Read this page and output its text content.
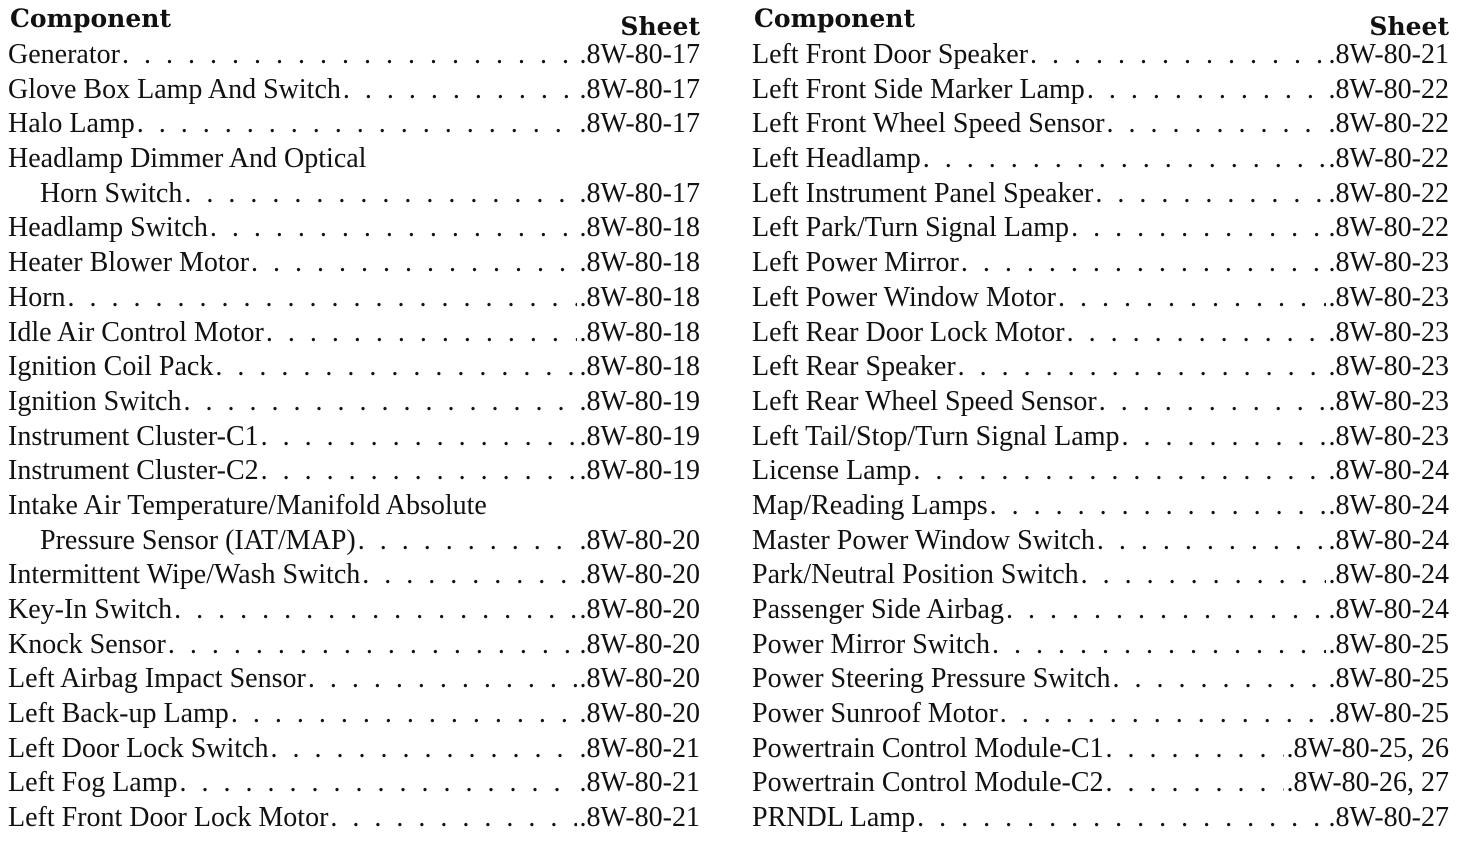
Component	Sheet
Generator . . .	.8W-80-17
Glove Box Lamp And Switch . . .	.8W-80-17
Halo Lamp . . .	.8W-80-17
Headlamp Dimmer And Optical
Horn Switch . . .	.8W-80-17
Headlamp Switch . . .	.8W-80-18
Heater Blower Motor . . .	.8W-80-18
Horn . . .	.8W-80-18
Idle Air Control Motor . . .	.8W-80-18
Ignition Coil Pack . . .	.8W-80-18
Ignition Switch . . .	.8W-80-19
Instrument Cluster-C1 . . .	.8W-80-19
Instrument Cluster-C2 . . .	.8W-80-19
Intake Air Temperature/Manifold Absolute
Pressure Sensor (IAT/MAP) . . .	.8W-80-20
Intermittent Wipe/Wash Switch . . .	.8W-80-20
Key-In Switch . . .	.8W-80-20
Knock Sensor . . .	.8W-80-20
Left Airbag Impact Sensor . . .	.8W-80-20
Left Back-up Lamp . . .	.8W-80-20
Left Door Lock Switch . . .	.8W-80-21
Left Fog Lamp . . .	.8W-80-21
Left Front Door Lock Motor . . .	.8W-80-21
Component	Sheet
Left Front Door Speaker . . .	.8W-80-21
Left Front Side Marker Lamp . . .	.8W-80-22
Left Front Wheel Speed Sensor . . .	.8W-80-22
Left Headlamp . . .	.8W-80-22
Left Instrument Panel Speaker . . .	.8W-80-22
Left Park/Turn Signal Lamp . . .	.8W-80-22
Left Power Mirror . . .	.8W-80-23
Left Power Window Motor . . .	.8W-80-23
Left Rear Door Lock Motor . . .	.8W-80-23
Left Rear Speaker . . .	.8W-80-23
Left Rear Wheel Speed Sensor . . .	.8W-80-23
Left Tail/Stop/Turn Signal Lamp . . .	.8W-80-23
License Lamp . . .	.8W-80-24
Map/Reading Lamps . . .	.8W-80-24
Master Power Window Switch . . .	.8W-80-24
Park/Neutral Position Switch . . .	.8W-80-24
Passenger Side Airbag . . .	.8W-80-24
Power Mirror Switch . . .	.8W-80-25
Power Steering Pressure Switch . . .	.8W-80-25
Power Sunroof Motor . . .	.8W-80-25
Powertrain Control Module-C1 . . .	.8W-80-25, 26
Powertrain Control Module-C2 . . .	.8W-80-26, 27
PRNDL Lamp . . .	.8W-80-27
